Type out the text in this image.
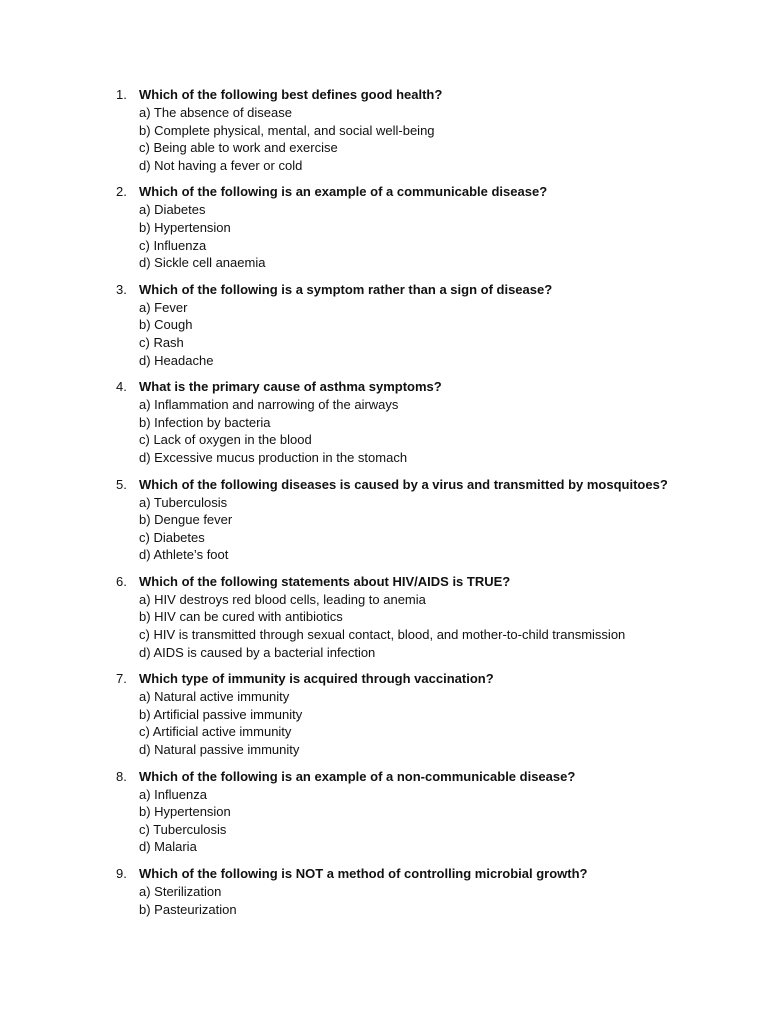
1. Which of the following best defines good health?
a) The absence of disease
b) Complete physical, mental, and social well-being
c) Being able to work and exercise
d) Not having a fever or cold
2. Which of the following is an example of a communicable disease?
a) Diabetes
b) Hypertension
c) Influenza
d) Sickle cell anaemia
3. Which of the following is a symptom rather than a sign of disease?
a) Fever
b) Cough
c) Rash
d) Headache
4. What is the primary cause of asthma symptoms?
a) Inflammation and narrowing of the airways
b) Infection by bacteria
c) Lack of oxygen in the blood
d) Excessive mucus production in the stomach
5. Which of the following diseases is caused by a virus and transmitted by mosquitoes?
a) Tuberculosis
b) Dengue fever
c) Diabetes
d) Athlete’s foot
6. Which of the following statements about HIV/AIDS is TRUE?
a) HIV destroys red blood cells, leading to anemia
b) HIV can be cured with antibiotics
c) HIV is transmitted through sexual contact, blood, and mother-to-child transmission
d) AIDS is caused by a bacterial infection
7. Which type of immunity is acquired through vaccination?
a) Natural active immunity
b) Artificial passive immunity
c) Artificial active immunity
d) Natural passive immunity
8. Which of the following is an example of a non-communicable disease?
a) Influenza
b) Hypertension
c) Tuberculosis
d) Malaria
9. Which of the following is NOT a method of controlling microbial growth?
a) Sterilization
b) Pasteurization
